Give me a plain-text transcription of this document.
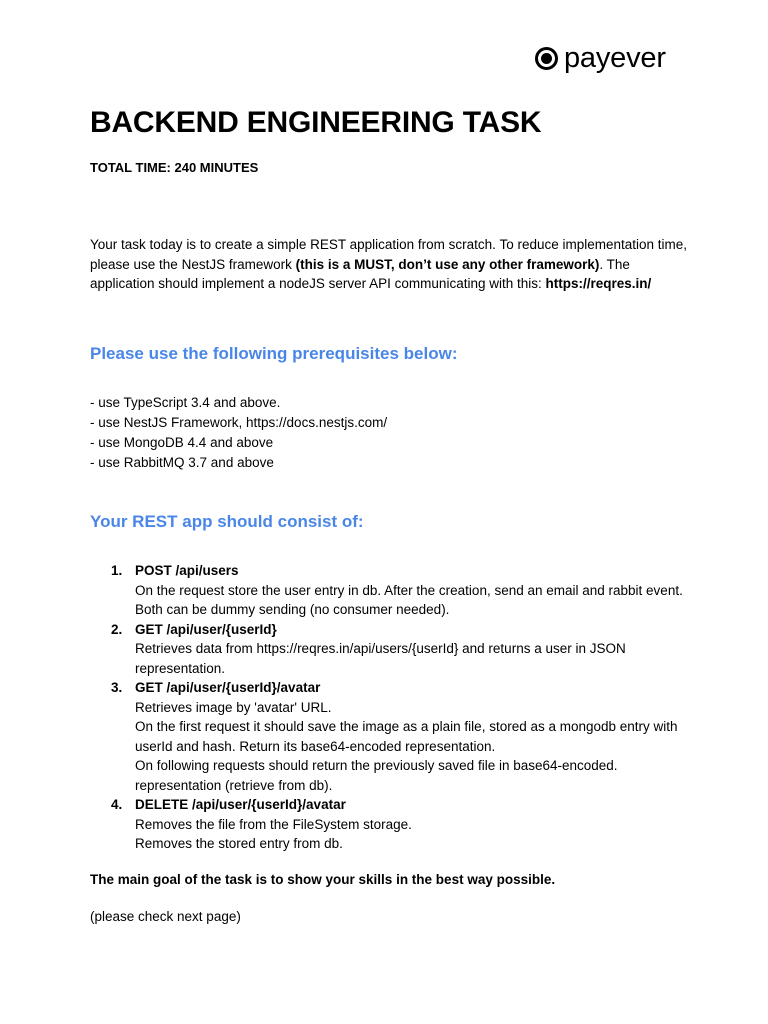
payever
BACKEND ENGINEERING TASK

TOTAL TIME: 240 MINUTES

Your task today is to create a simple REST application from scratch. To reduce implementation time, please use the NestJS framework (this is a MUST, don’t use any other framework). The application should implement a nodeJS server API communicating with this: https://reqres.in/

Please use the following prerequisites below:
- use TypeScript 3.4 and above.
- use NestJS Framework, https://docs.nestjs.com/
- use MongoDB 4.4 and above
- use RabbitMQ 3.7 and above
Your REST app should consist of:
1. POST /api/users
On the request store the user entry in db. After the creation, send an email and rabbit event. Both can be dummy sending (no consumer needed).
2. GET /api/user/{userId}
Retrieves data from https://reqres.in/api/users/{userId} and returns a user in JSON representation.
3. GET /api/user/{userId}/avatar
Retrieves image by 'avatar' URL.
On the first request it should save the image as a plain file, stored as a mongodb entry with userId and hash. Return its base64-encoded representation.
On following requests should return the previously saved file in base64-encoded. representation (retrieve from db).
4. DELETE /api/user/{userId}/avatar
Removes the file from the FileSystem storage.
Removes the stored entry from db.

The main goal of the task is to show your skills in the best way possible.

(please check next page)
